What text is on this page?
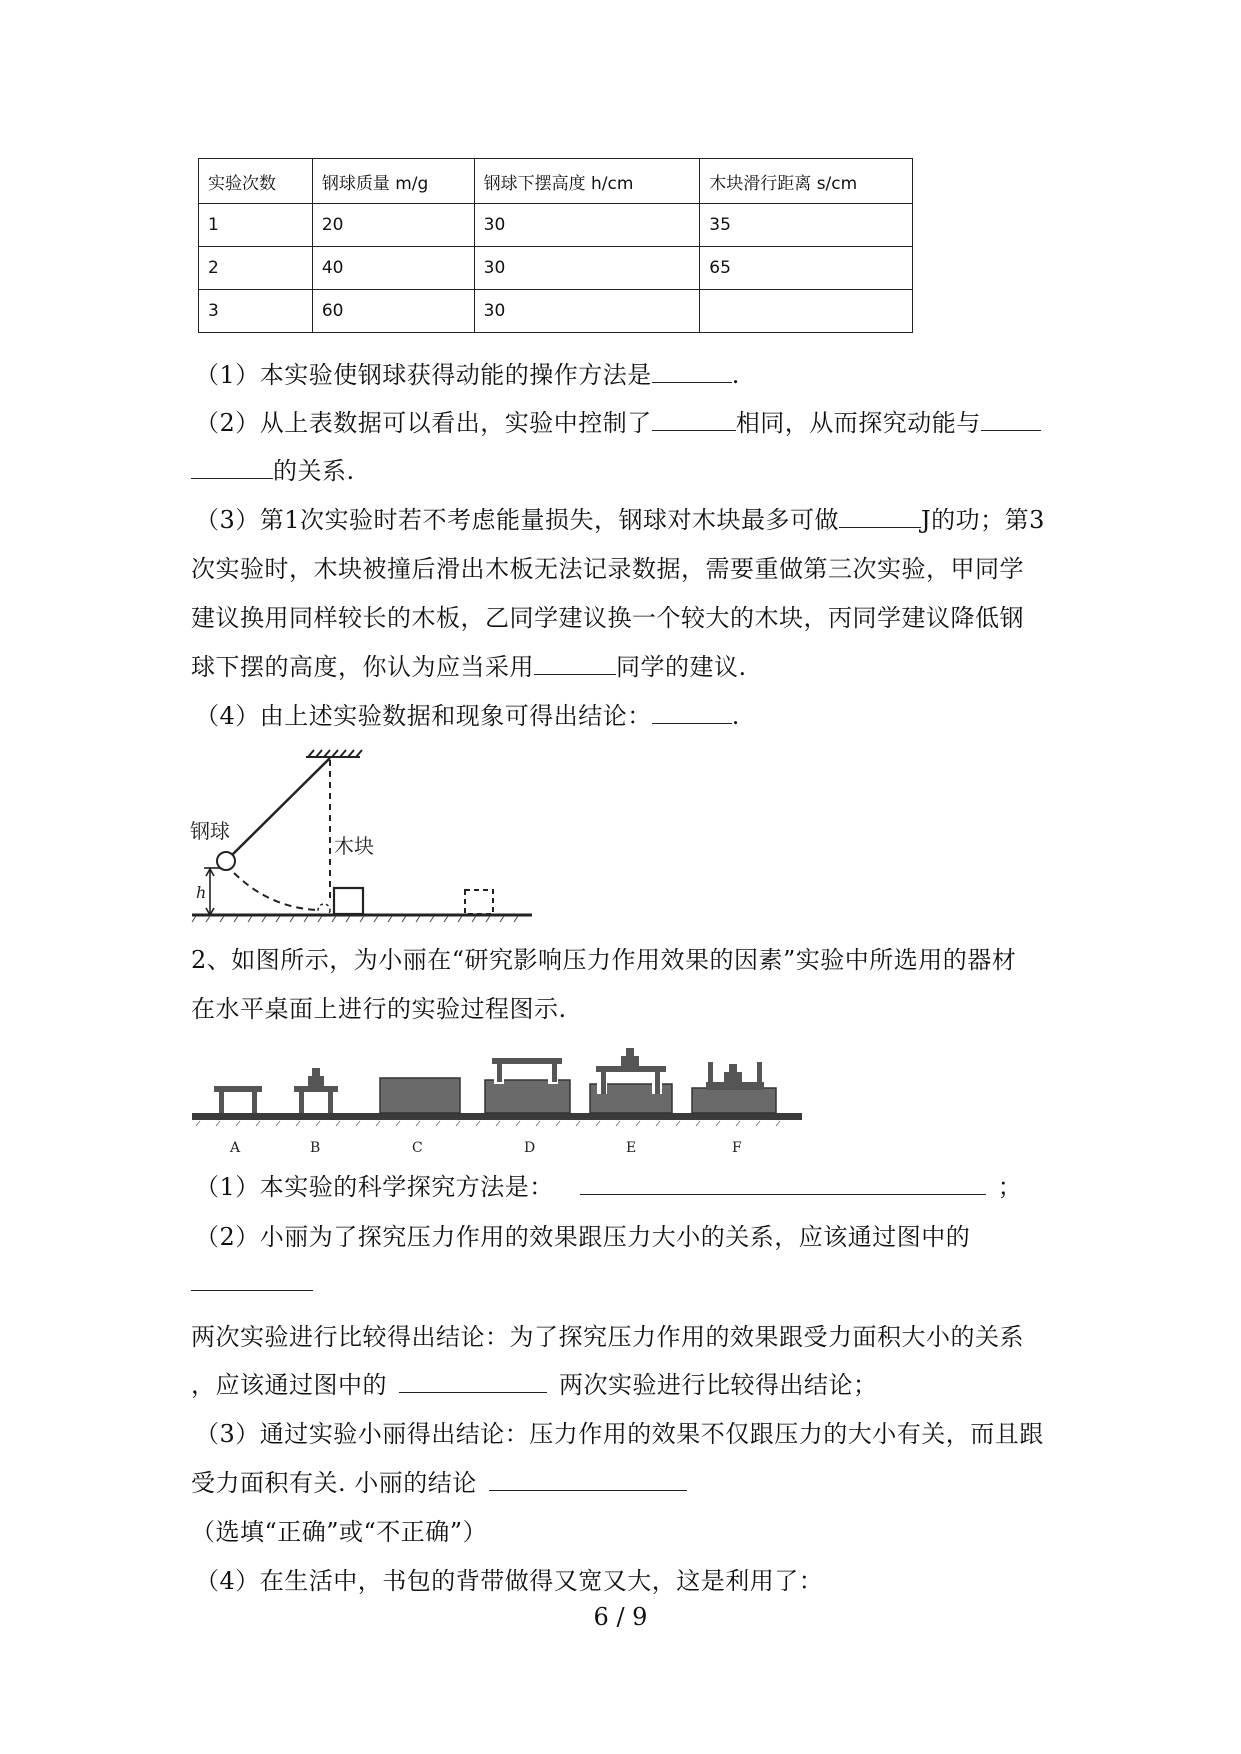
实验次数	钢球质量 m/g	钢球下摆高度 h/cm	木块滑行距离 s/cm
1	20	30	35
2	40	30	65
3	60	30	
（1）本实验使钢球获得动能的操作方法是	.
（2）从上表数据可以看出，实验中控制了	相同，从而探究动能与
的关系.
（3）第1次实验时若不考虑能量损失，钢球对木块最多可做	J的功；第3
次实验时，木块被撞后滑出木板无法记录数据，需要重做第三次实验，甲同学
建议换用同样较长的木板，乙同学建议换一个较大的木块，丙同学建议降低钢
球下摆的高度，你认为应当采用	同学的建议.
（4）由上述实验数据和现象可得出结论：	.
h
钢球
木块
2、如图所示，为小丽在“研究影响压力作用效果的因素”实验中所选用的器材
在水平桌面上进行的实验过程图示.
A	B	C	D	E	F
（1）本实验的科学探究方法是：	；
（2）小丽为了探究压力作用的效果跟压力大小的关系，应该通过图中的
两次实验进行比较得出结论：为了探究压力作用的效果跟受力面积大小的关系
，应该通过图中的	两次实验进行比较得出结论；
（3）通过实验小丽得出结论：压力作用的效果不仅跟压力的大小有关，而且跟
受力面积有关. 小丽的结论
（选填“正确”或“不正确”）
（4）在生活中，书包的背带做得又宽又大，这是利用了：
6 / 9
